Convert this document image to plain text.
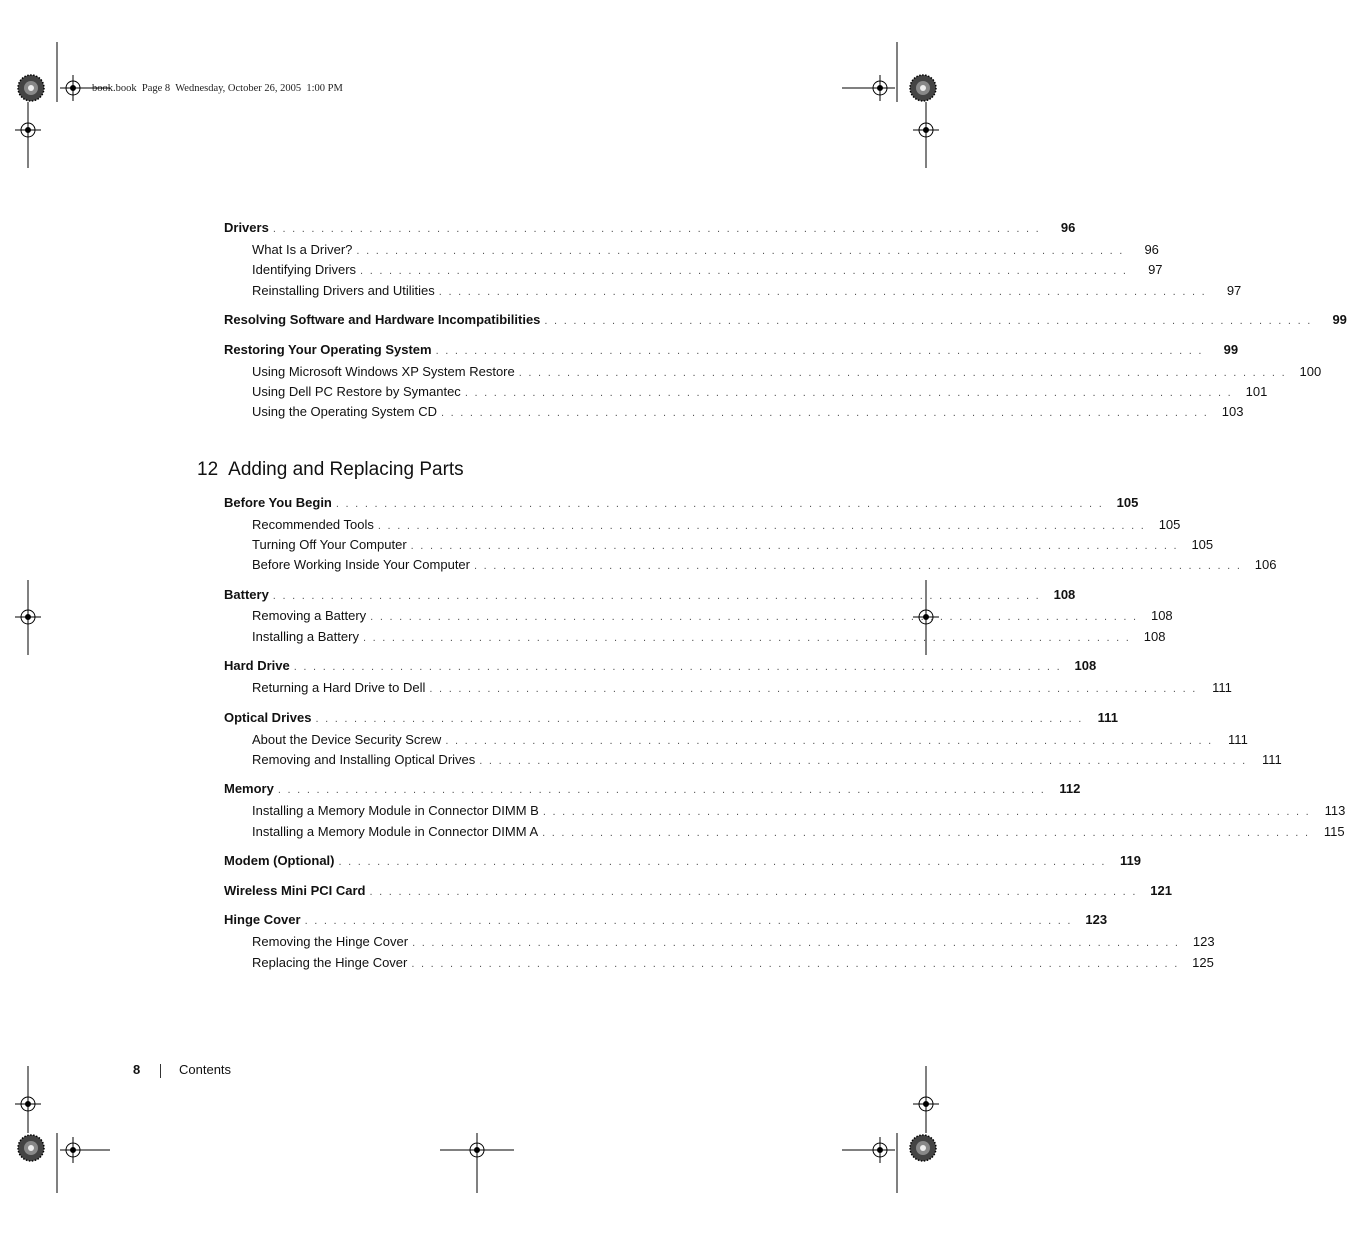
book.book  Page 8  Wednesday, October 26, 2005  1:00 PM
Drivers ................................................................................	96
What Is a Driver? ................................................................................	96
Identifying Drivers ................................................................................	97
Reinstalling Drivers and Utilities ................................................................................	97
Resolving Software and Hardware Incompatibilities ................................................................................	99
Restoring Your Operating System ................................................................................	99
Using Microsoft Windows XP System Restore ................................................................................ 100
Using Dell PC Restore by Symantec ................................................................................ 101
Using the Operating System CD ................................................................................ 103
12 Adding and Replacing Parts
Before You Begin ................................................................................ 105
Recommended Tools ................................................................................ 105
Turning Off Your Computer ................................................................................ 105
Before Working Inside Your Computer ................................................................................ 106
Battery ................................................................................ 108
Removing a Battery ................................................................................ 108
Installing a Battery ................................................................................ 108
Hard Drive ................................................................................ 108
Returning a Hard Drive to Dell ................................................................................ 111
Optical Drives ................................................................................ 111
About the Device Security Screw ................................................................................ 111
Removing and Installing Optical Drives ................................................................................ 111
Memory ................................................................................ 112
Installing a Memory Module in Connector DIMM B ................................................................................ 113
Installing a Memory Module in Connector DIMM A ................................................................................ 115
Modem (Optional) ................................................................................ 119
Wireless Mini PCI Card ................................................................................ 121
Hinge Cover ................................................................................ 123
Removing the Hinge Cover ................................................................................ 123
Replacing the Hinge Cover ................................................................................ 125
8	Contents
